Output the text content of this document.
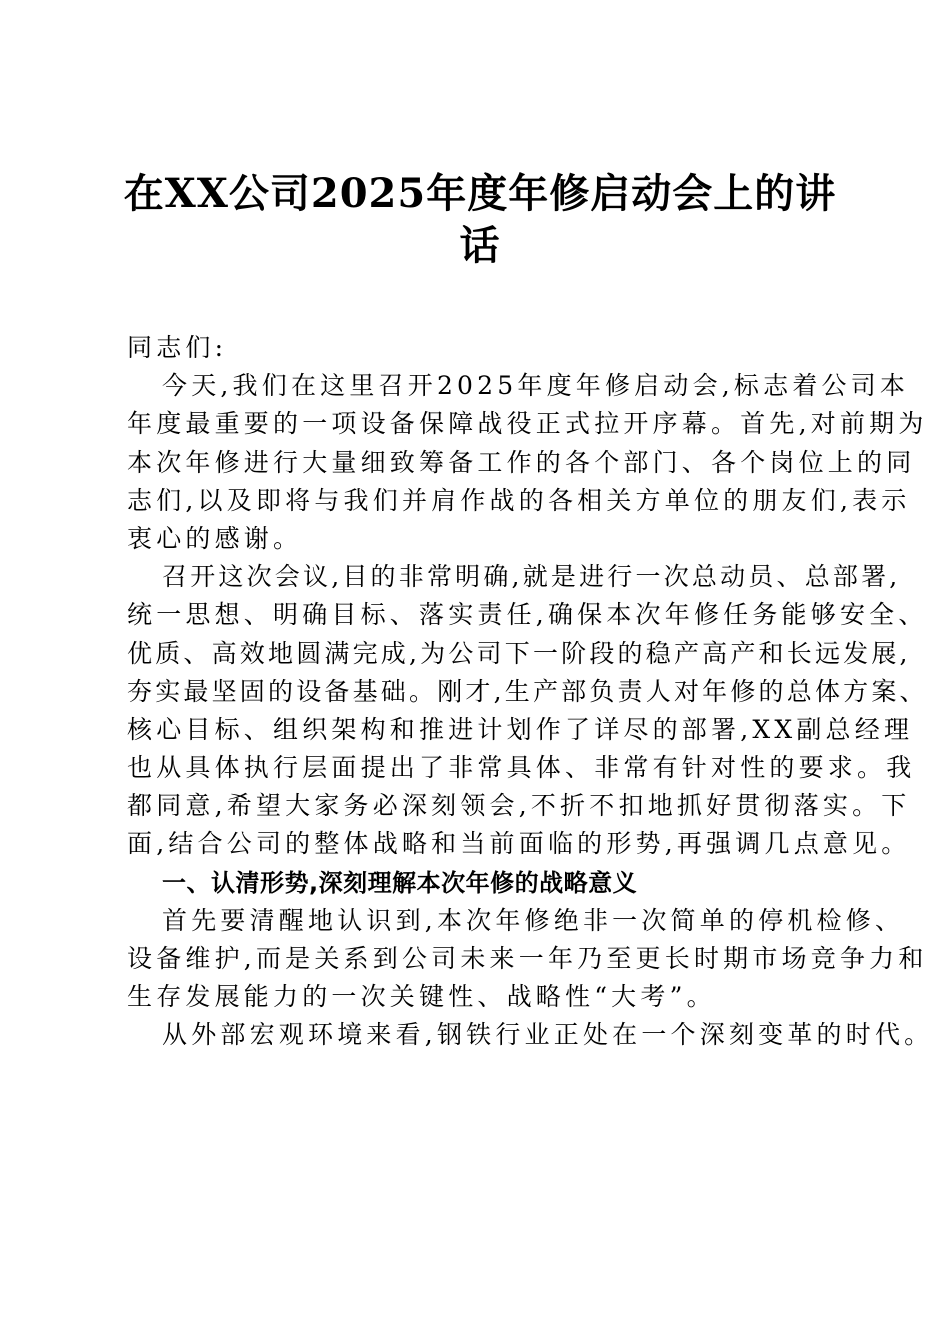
在XX公司2025年度年修启动会上的讲
话
同志们:
今天,我们在这里召开2025年度年修启动会,标志着公司本
年度最重要的一项设备保障战役正式拉开序幕。首先,对前期为
本次年修进行大量细致筹备工作的各个部门、各个岗位上的同
志们,以及即将与我们并肩作战的各相关方单位的朋友们,表示
衷心的感谢。
召开这次会议,目的非常明确,就是进行一次总动员、总部署,
统一思想、明确目标、落实责任,确保本次年修任务能够安全、
优质、高效地圆满完成,为公司下一阶段的稳产高产和长远发展,
夯实最坚固的设备基础。刚才,生产部负责人对年修的总体方案、
核心目标、组织架构和推进计划作了详尽的部署,XX副总经理
也从具体执行层面提出了非常具体、非常有针对性的要求。我
都同意,希望大家务必深刻领会,不折不扣地抓好贯彻落实。下
面,结合公司的整体战略和当前面临的形势,再强调几点意见。
一、认清形势,深刻理解本次年修的战略意义
首先要清醒地认识到,本次年修绝非一次简单的停机检修、
设备维护,而是关系到公司未来一年乃至更长时期市场竞争力和
生存发展能力的一次关键性、战略性“大考”。
从外部宏观环境来看,钢铁行业正处在一个深刻变革的时代。
